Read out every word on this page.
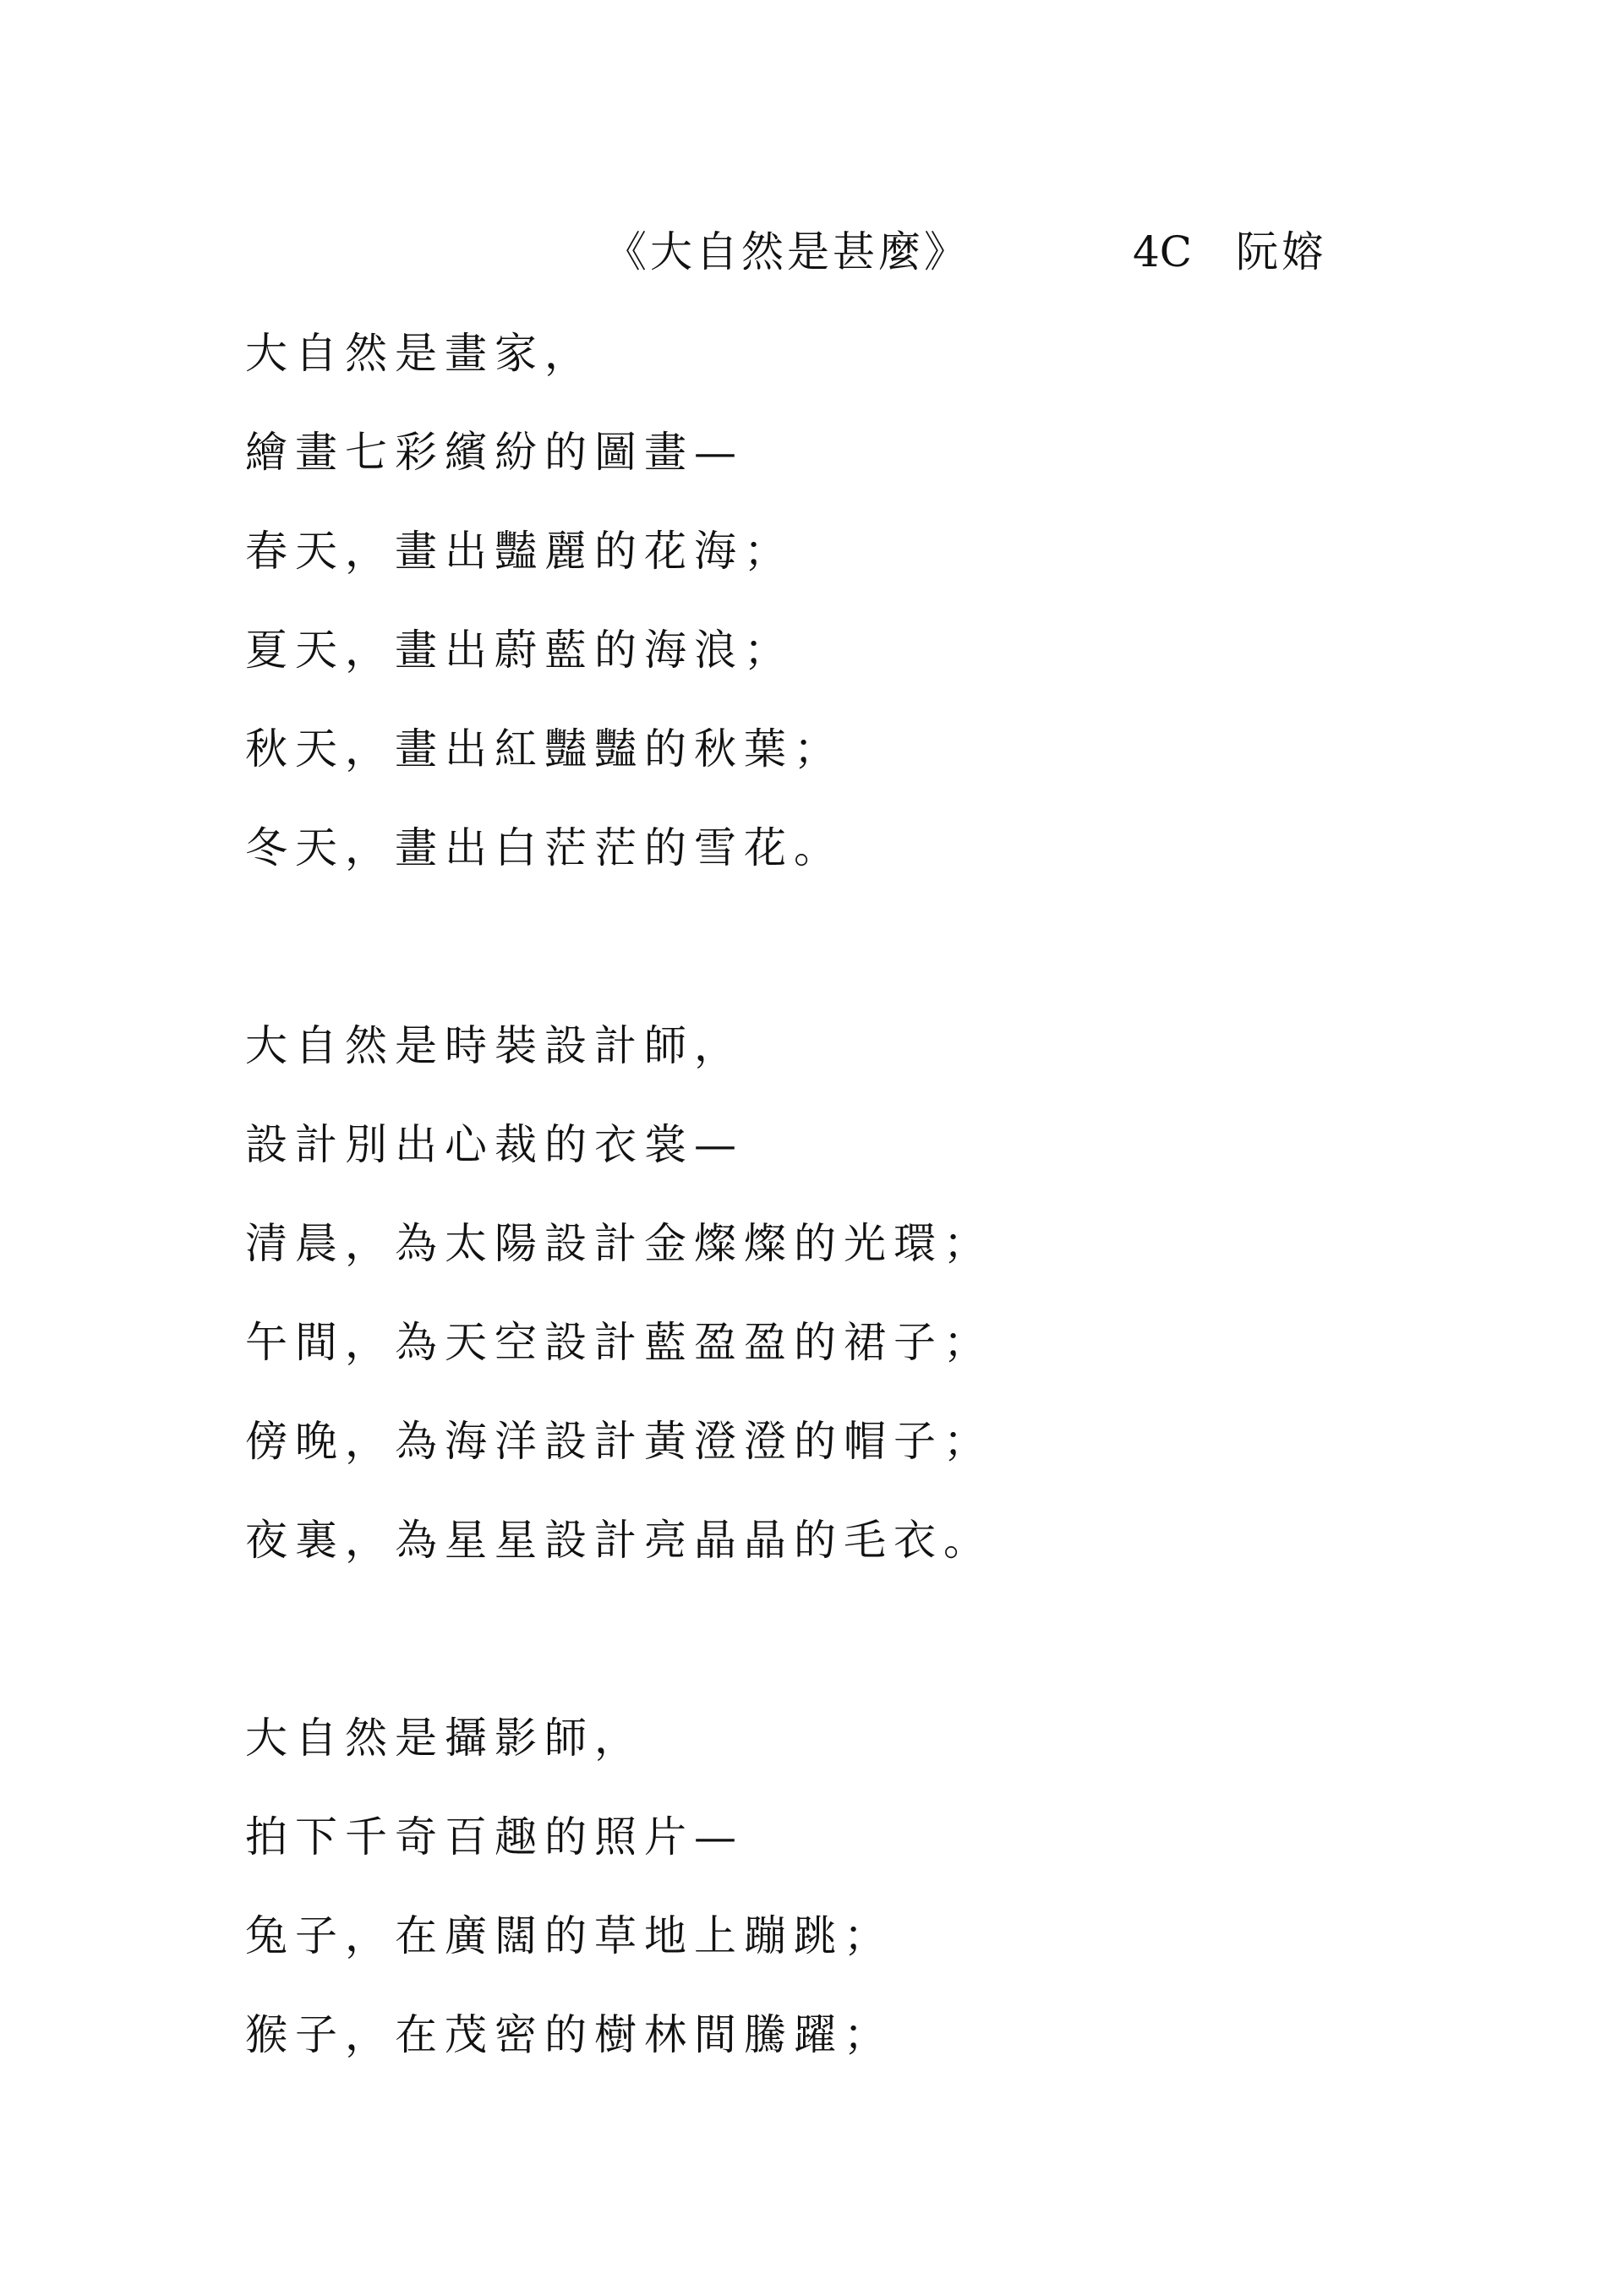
《大自然是甚麼》	4C 阮嫆
大自然是畫家，
繪畫七彩繽紛的圖畫—
春天，畫出豔麗的花海；
夏天，畫出蔚藍的海浪；
秋天，畫出紅豔豔的秋葉；
冬天，畫出白茫茫的雪花。
大自然是時裝設計師，
設計別出心裁的衣裳—
清晨，為太陽設計金燦燦的光環；
午間，為天空設計藍盈盈的裙子；
傍晚，為海洋設計黃澄澄的帽子；
夜裏，為星星設計亮晶晶的毛衣。
大自然是攝影師，
拍下千奇百趣的照片—
兔子，在廣闊的草地上蹦跳；
猴子，在茂密的樹林間騰躍；
